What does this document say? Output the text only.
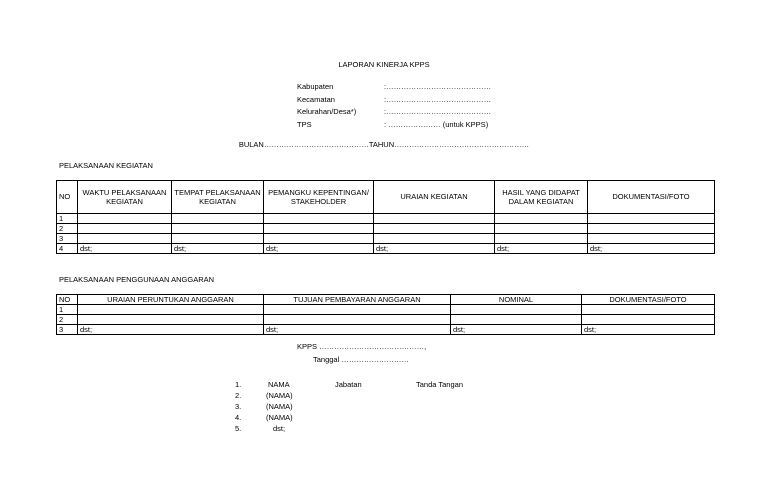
LAPORAN KINERJA KPPS
Kabupaten	:……………………………………
Kecamatan	:……………………………………
Kelurahan/Desa*)	:……………………………………
TPS	: ………………… (untuk KPPS)
BULAN……………………………………TAHUN………………………………………………
PELAKSANAAN KEGIATAN
NO	WAKTU PELAKSANAAN KEGIATAN	TEMPAT PELAKSANAAN KEGIATAN	PEMANGKU KEPENTINGAN/ STAKEHOLDER	URAIAN KEGIATAN	HASIL YANG DIDAPAT DALAM KEGIATAN	DOKUMENTASI/FOTO
1						
2						
3						
4	dst;	dst;	dst;	dst;	dst;	dst;
PELAKSANAAN PENGGUNAAN ANGGARAN
NO	URAIAN PERUNTUKAN ANGGARAN	TUJUAN PEMBAYARAN ANGGARAN	NOMINAL	DOKUMENTASI/FOTO
1				
2				
3	dst;	dst;	dst;	dst;
KPPS ……………………………………,
Tanggal ………………………
1.	NAMA	Jabatan	Tanda Tangan
2.	(NAMA)
3.	(NAMA)
4.	(NAMA)
5.	dst;
